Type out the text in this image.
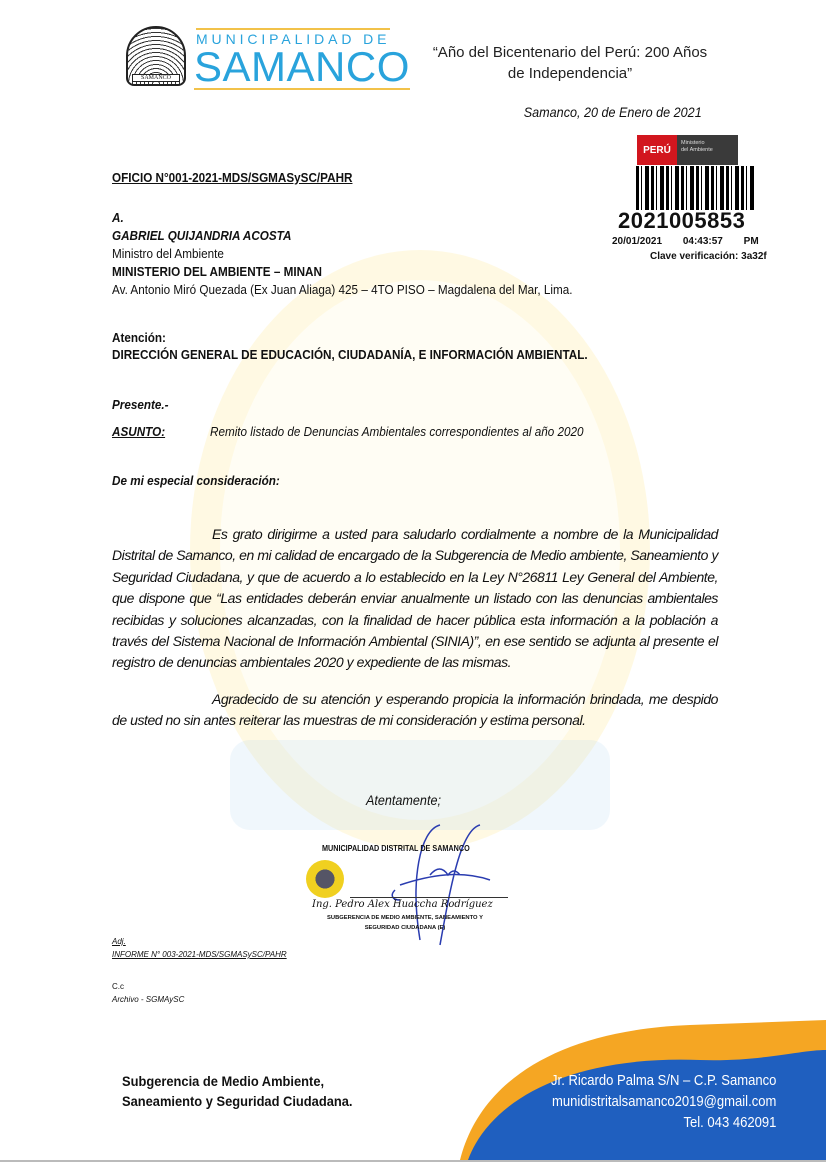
SAMANCO
MUNICIPALIDAD DE
SAMANCO “Año del Bicentenario del Perú: 200 Años de Independencia”
Samanco, 20 de Enero de 2021
PERÚ
Ministerio
del Ambiente
2021005853
20/01/2021 04:43:57 PM
Clave verificación: 3a32f
OFICIO N°001-2021-MDS/SGMASySC/PAHR
A.
GABRIEL QUIJANDRIA ACOSTA
Ministro del Ambiente
MINISTERIO DEL AMBIENTE – MINAN
Av. Antonio Miró Quezada (Ex Juan Aliaga) 425 – 4TO PISO – Magdalena del Mar, Lima.
Atención:
DIRECCIÓN GENERAL DE EDUCACIÓN, CIUDADANÍA, E INFORMACIÓN AMBIENTAL.
Presente.-
ASUNTO:	Remito listado de Denuncias Ambientales correspondientes al año 2020
De mi especial consideración:

Es grato dirigirme a usted para saludarlo cordialmente a nombre de la Municipalidad Distrital de Samanco, en mi calidad de encargado de la Subgerencia de Medio ambiente, Saneamiento y Seguridad Ciudadana, y que de acuerdo a lo establecido en la Ley N°26811 Ley General del Ambiente, que dispone que “Las entidades deberán enviar anualmente un listado con las denuncias ambientales recibidas y soluciones alcanzadas, con la finalidad de hacer pública esta información a la población a través del Sistema Nacional de Información Ambiental (SINIA)”, en ese sentido se adjunta al presente el registro de denuncias ambientales 2020 y expediente de las mismas.

Agradecido de su atención y esperando propicia la información brindada, me despido de usted no sin antes reiterar las muestras de mi consideración y estima personal.

Atentamente;
MUNICIPALIDAD DISTRITAL DE SAMANCO
Ing. Pedro Alex Huaccha Rodríguez
SUBGERENCIA DE MEDIO AMBIENTE, SANEAMIENTO Y
SEGURIDAD CIUDADANA (E)
Adj.
INFORME N° 003-2021-MDS/SGMASySC/PAHR
C.c
Archivo - SGMAySC
Subgerencia de Medio Ambiente,
Saneamiento y Seguridad Ciudadana.
Jr. Ricardo Palma S/N – C.P. Samanco
munidistritalsamanco2019@gmail.com
Tel. 043 462091
